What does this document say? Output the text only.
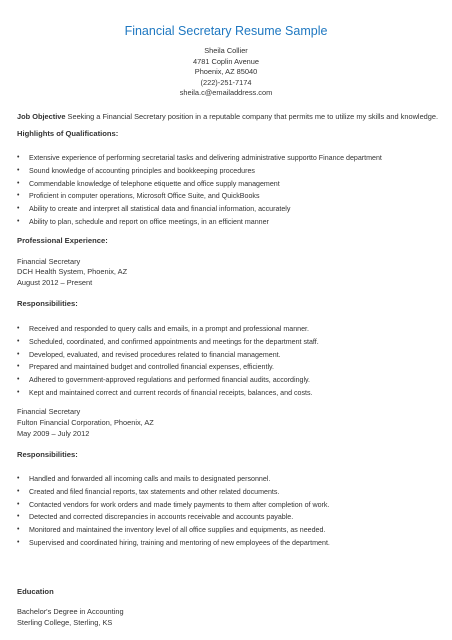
Financial Secretary Resume Sample
Sheila Collier
4781 Coplin Avenue
Phoenix, AZ 85040
(222)-251-7174
sheila.c@emailaddress.com
Job Objective Seeking a Financial Secretary position in a reputable company that permits me to utilize my skills and knowledge.
Highlights of Qualifications:
• Extensive experience of performing secretarial tasks and delivering administrative supportto Finance department
• Sound knowledge of accounting principles and bookkeeping procedures
• Commendable knowledge of telephone etiquette and office supply management
• Proficient in computer operations, Microsoft Office Suite, and QuickBooks
• Ability to create and interpret all statistical data and financial information, accurately
• Ability to plan, schedule and report on office meetings, in an efficient manner
Professional Experience:
Financial Secretary
DCH Health System, Phoenix, AZ
August 2012 – Present
Responsibilities:
• Received and responded to query calls and emails, in a prompt and professional manner.
• Scheduled, coordinated, and confirmed appointments and meetings for the department staff.
• Developed, evaluated, and revised procedures related to financial management.
• Prepared and maintained budget and controlled financial expenses, efficiently.
• Adhered to government-approved regulations and performed financial audits, accordingly.
• Kept and maintained correct and current records of financial receipts, balances, and costs.
Financial Secretary
Fulton Financial Corporation, Phoenix, AZ
May 2009 – July 2012
Responsibilities:
• Handled and forwarded all incoming calls and mails to designated personnel.
• Created and filed financial reports, tax statements and other related documents.
• Contacted vendors for work orders and made timely payments to them after completion of work.
• Detected and corrected discrepancies in accounts receivable and accounts payable.
• Monitored and maintained the inventory level of all office supplies and equipments, as needed.
• Supervised and coordinated hiring, training and mentoring of new employees of the department.
Education
Bachelor's Degree in Accounting
Sterling College, Sterling, KS
